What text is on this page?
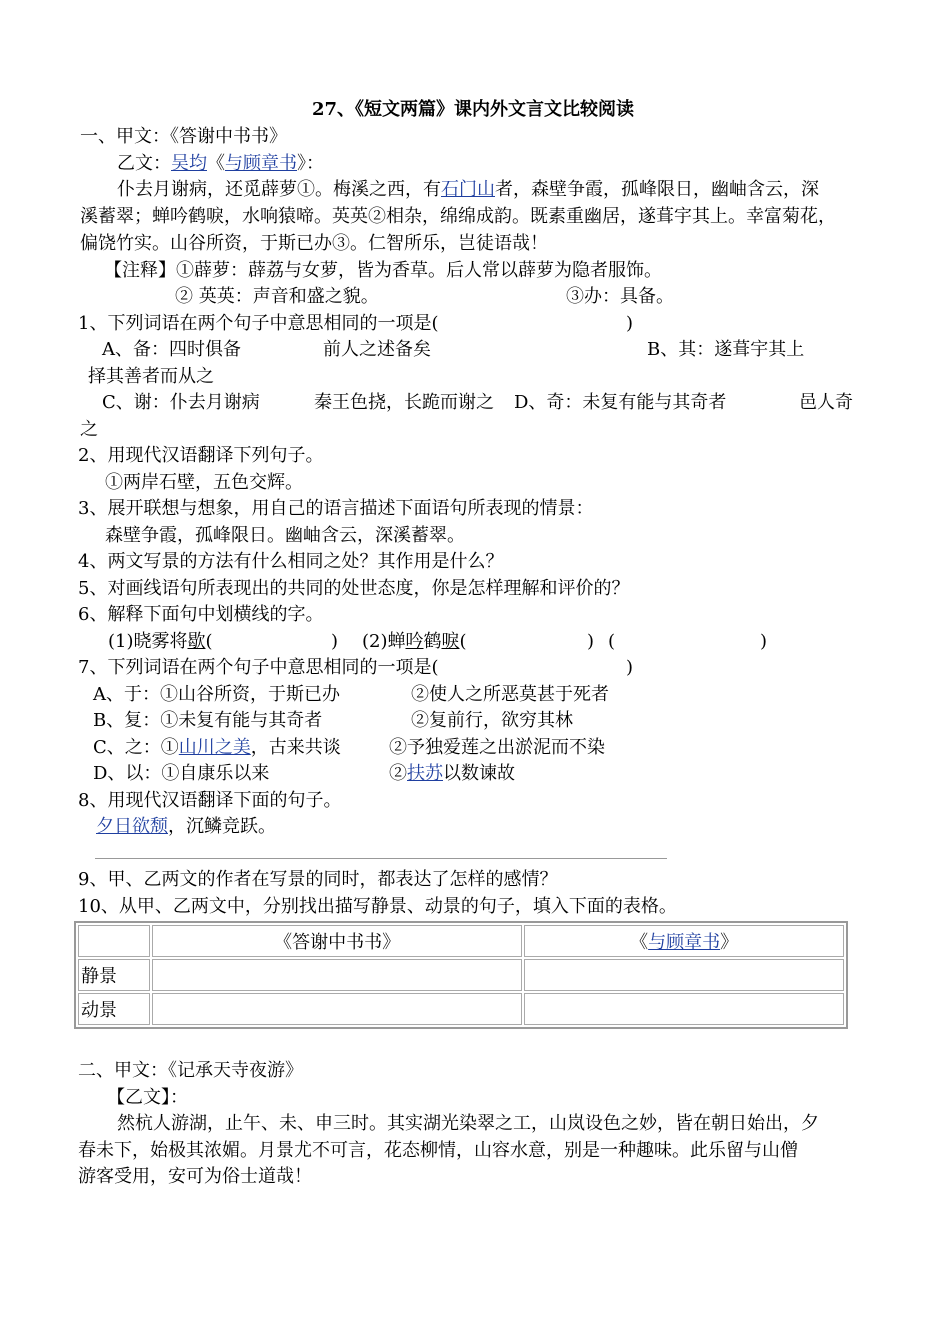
27、《短文两篇》课内外文言文比较阅读
一、甲文：《答谢中书书》
乙文：吴均《与顾章书》：
仆去月谢病，还觅薜萝①。梅溪之西，有石门山者，森壁争霞，孤峰限日，幽岫含云，深
溪蓄翠；蝉吟鹤唳，水响猿啼。英英②相杂，绵绵成韵。既素重幽居，遂葺宇其上。幸富菊花，
偏饶竹实。山谷所资，于斯已办③。仁智所乐，岂徒语哉！
【注释】①薜萝：薜荔与女萝，皆为香草。后人常以薜萝为隐者服饰。
② 英英：声音和盛之貌。	③办：具备。
1、下列词语在两个句子中意思相同的一项是(	)
A、备：四时俱备	前人之述备矣	B、其：遂葺宇其上
择其善者而从之
C、谢：仆去月谢病	秦王色挠，长跪而谢之 D、奇：未复有能与其奇者	邑人奇
之
2、用现代汉语翻译下列句子。
①两岸石壁，五色交辉。
3、展开联想与想象，用自己的语言描述下面语句所表现的情景：
森壁争霞，孤峰限日。幽岫含云，深溪蓄翠。
4、两文写景的方法有什么相同之处？其作用是什么？
5、对画线语句所表现出的共同的处世态度，你是怎样理解和评价的？
6、解释下面句中划横线的字。
(1)晓雾将歇(	) (2)蝉吟鹤唳(	) (	)
7、下列词语在两个句子中意思相同的一项是(	)
A、于：①山谷所资，于斯已办	②使人之所恶莫甚于死者
B、复：①未复有能与其奇者	②复前行，欲穷其林
C、之：①山川之美，古来共谈	②予独爱莲之出淤泥而不染
D、以：①自康乐以来	②扶苏以数谏故
8、用现代汉语翻译下面的句子。
夕日欲颓，沉鳞竞跃。
9、甲、乙两文的作者在写景的同时，都表达了怎样的感情？
10、从甲、乙两文中，分别找出描写静景、动景的句子，填入下面的表格。
	《答谢中书书》	《与顾章书》
静景		
动景		
二、甲文：《记承天寺夜游》
【乙文】：
然杭人游湖，止午、未、申三时。其实湖光染翠之工，山岚设色之妙，皆在朝日始出，夕
春未下，始极其浓媚。月景尤不可言，花态柳情，山容水意，别是一种趣味。此乐留与山僧
游客受用，安可为俗士道哉！
